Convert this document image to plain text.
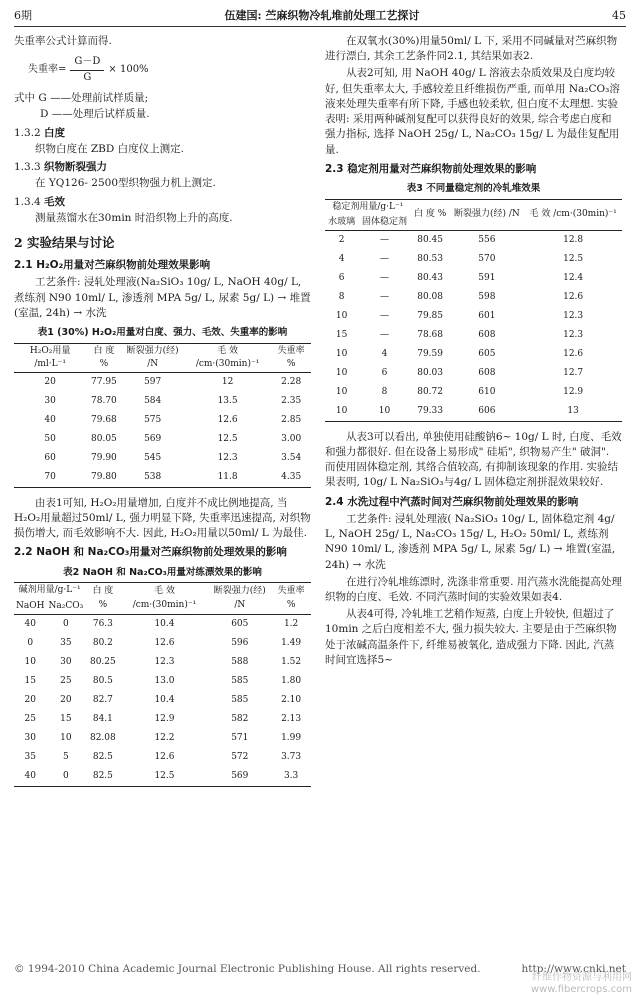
6期	伍建国: 苎麻织物冷轧堆前处理工艺探讨	45

失重率公式计算而得.

失重率= $\frac{G-D}{G} \times 100\%$

式中 G ——处理前试样质量;

D ——处理后试样质量.

1.3.2 白度

织物白度在 ZBD 白度仪上测定.

1.3.3 织物断裂强力

在 YQ126- 2500型织物强力机上测定.

1.3.4 毛效

测量蒸馏水在30min 时沿织物上升的高度.

2 实验结果与讨论
2.1 H₂O₂用量对苎麻织物前处理效果影响

工艺条件: 浸轧处理液(Na₂SiO₃ 10g/ L, NaOH 40g/ L, 煮练剂 N90 10ml/ L, 渗透剂 MPA 5g/ L, 尿素 5g/ L) → 堆置(室温, 24h) → 水洗

表1 (30%) H₂O₂用量对白度、强力、毛效、失重率的影响
H₂O₂用量 /ml·L⁻¹	白 度 %	断裂强力(经) /N	毛 效 /cm·(30min)⁻¹	失重率 %
20	77.95	597	12	2.28
30	78.70	584	13.5	2.35
40	79.68	575	12.6	2.85
50	80.05	569	12.5	3.00
60	79.90	545	12.3	3.54
70	79.80	538	11.8	4.35

由表1可知, H₂O₂用量增加, 白度并不成比例地提高, 当 H₂O₂用量超过50ml/ L, 强力明显下降, 失重率迅速提高, 对织物损伤增大, 而毛效影响不大. 因此, H₂O₂用量以50ml/ L 为最佳.

2.2 NaOH 和 Na₂CO₃用量对苎麻织物前处理效果的影响
表2 NaOH 和 Na₂CO₃用量对练漂效果的影响
碱剂用量/g·L⁻¹		白 度 %	毛 效 /cm·(30min)⁻¹	断裂强力(经) /N	失重率 %
NaOH	Na₂CO₃				
40	0	76.3	10.4	605	1.2
0	35	80.2	12.6	596	1.49
10	30	80.25	12.3	588	1.52
15	25	80.5	13.0	585	1.80
20	20	82.7	10.4	585	2.10
25	15	84.1	12.9	582	2.13
30	10	82.08	12.2	571	1.99
35	5	82.5	12.6	572	3.73
40	0	82.5	12.5	569	3.3

在双氧水(30%)用量50ml/ L 下, 采用不同碱量对苎麻织物进行漂白, 其余工艺条件同2.1, 其结果如表2.

从表2可知, 用 NaOH 40g/ L 溶液去杂质效果及白度均较好, 但失重率太大, 手感较差且纤维损伤严重, 而单用 Na₂CO₃溶液来处理失重率有所下降, 手感也较柔软, 但白度不太理想. 实验表明: 采用两种碱剂复配可以获得良好的效果, 综合考虑白度和强力指标, 选择 NaOH 25g/ L, Na₂CO₃ 15g/ L 为最佳复配用量.

2.3 稳定剂用量对苎麻织物前处理效果的影响
表3 不同量稳定剂的冷轧堆效果
稳定剂用量/g·L⁻¹		白 度 %	断裂强力(经) /N	毛 效 /cm·(30min)⁻¹
水玻璃	固体稳定剂			
2	—	80.45	556	12.8
4	—	80.53	570	12.5
6	—	80.43	591	12.4
8	—	80.08	598	12.6
10	—	79.85	601	12.3
15	—	78.68	608	12.3
10	4	79.59	605	12.6
10	6	80.03	608	12.7
10	8	80.72	610	12.9
10	10	79.33	606	13

从表3可以看出, 单独使用硅酸钠6~ 10g/ L 时, 白度、毛效和强力都很好. 但在设备上易形成" 硅垢", 织物易产生" 破洞". 而使用固体稳定剂, 其络合值较高, 有抑制该现象的作用. 实验结果表明, 10g/ L Na₂SiO₃与4g/ L 固体稳定剂拼混效果较好.

2.4 水洗过程中汽蒸时间对苎麻织物前处理效果的影响

工艺条件: 浸轧处理液( Na₂SiO₃ 10g/ L, 固体稳定剂 4g/ L, NaOH 25g/ L, Na₂CO₃ 15g/ L, H₂O₂ 50ml/ L, 煮练剂 N90 10ml/ L, 渗透剂 MPA 5g/ L, 尿素 5g/ L) → 堆置(室温, 24h) → 水洗

在进行冷轧堆练漂时, 洗涤非常重要. 用汽蒸水洗能提高处理织物的白度、毛效. 不同汽蒸时间的实验效果如表4.

从表4可得, 冷轧堆工艺稍作短蒸, 白度上升较快, 但超过了10min 之后白度相差不大, 强力损失较大. 主要是由于苎麻织物处于浓碱高温条件下, 纤维易被氧化, 造成强力下降. 因此, 汽蒸时间宜选择5~

© 1994-2010 China Academic Journal Electronic Publishing House. All rights reserved.	http://www.cnki.net
纤维作物资源与利用网
www.fibercrops.com
